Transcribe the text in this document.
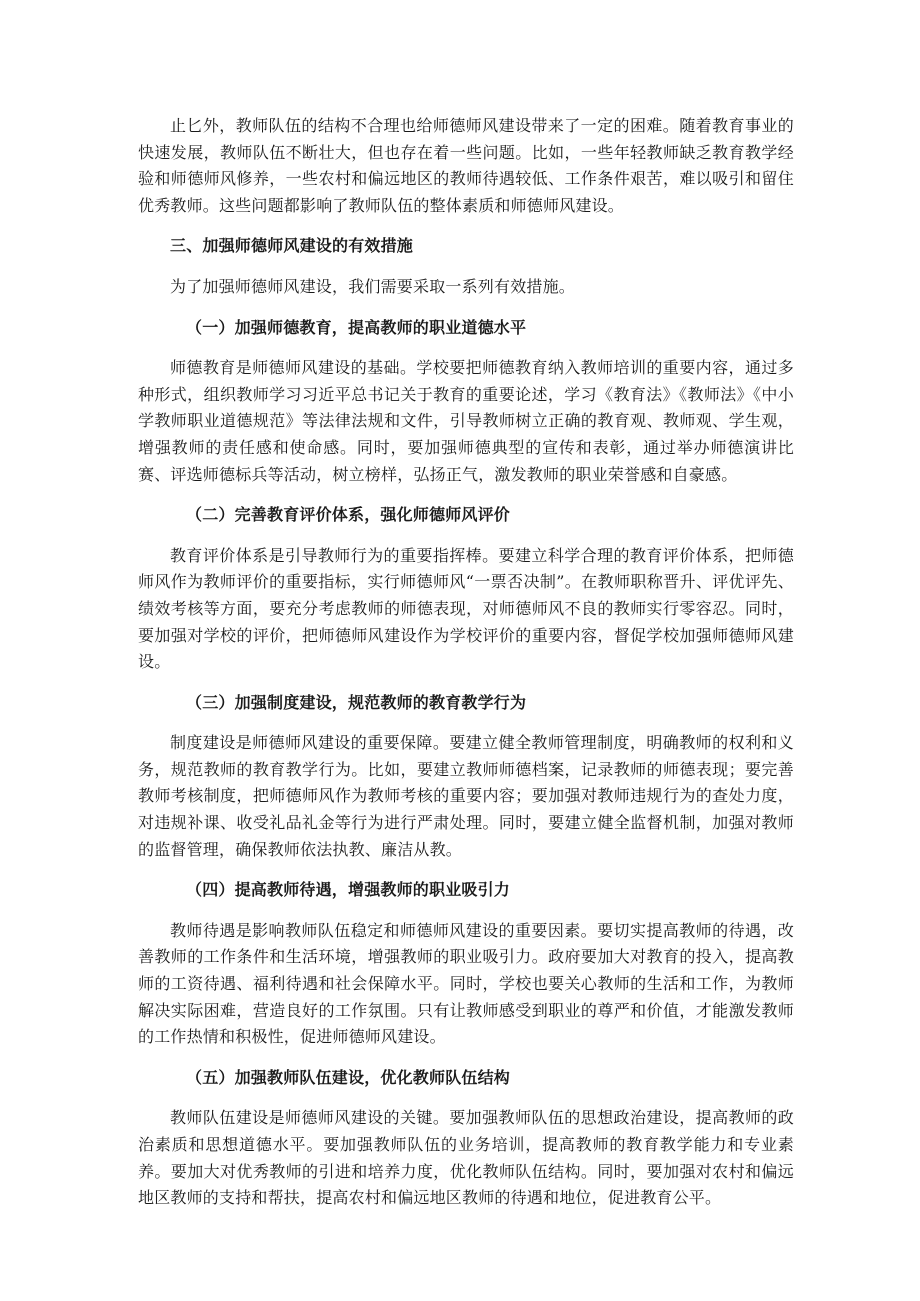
止匕外，教师队伍的结构不合理也给师德师风建设带来了一定的困难。随着教育事业的快速发展，教师队伍不断壮大，但也存在着一些问题。比如，一些年轻教师缺乏教育教学经验和师德师风修养，一些农村和偏远地区的教师待遇较低、工作条件艰苦，难以吸引和留住优秀教师。这些问题都影响了教师队伍的整体素质和师德师风建设。

三、加强师德师风建设的有效措施

为了加强师德师风建设，我们需要采取一系列有效措施。

（一）加强师德教育，提高教师的职业道德水平

师德教育是师德师风建设的基础。学校要把师德教育纳入教师培训的重要内容，通过多种形式，组织教师学习习近平总书记关于教育的重要论述，学习《教育法》《教师法》《中小学教师职业道德规范》等法律法规和文件，引导教师树立正确的教育观、教师观、学生观，增强教师的责任感和使命感。同时，要加强师德典型的宣传和表彰，通过举办师德演讲比赛、评选师德标兵等活动，树立榜样，弘扬正气，激发教师的职业荣誉感和自豪感。

（二）完善教育评价体系，强化师德师风评价

教育评价体系是引导教师行为的重要指挥棒。要建立科学合理的教育评价体系，把师德师风作为教师评价的重要指标，实行师德师风“一票否决制”。在教师职称晋升、评优评先、绩效考核等方面，要充分考虑教师的师德表现，对师德师风不良的教师实行零容忍。同时，要加强对学校的评价，把师德师风建设作为学校评价的重要内容，督促学校加强师德师风建设。

（三）加强制度建设，规范教师的教育教学行为

制度建设是师德师风建设的重要保障。要建立健全教师管理制度，明确教师的权利和义务，规范教师的教育教学行为。比如，要建立教师师德档案，记录教师的师德表现；要完善教师考核制度，把师德师风作为教师考核的重要内容；要加强对教师违规行为的查处力度，对违规补课、收受礼品礼金等行为进行严肃处理。同时，要建立健全监督机制，加强对教师的监督管理，确保教师依法执教、廉洁从教。

（四）提高教师待遇，增强教师的职业吸引力

教师待遇是影响教师队伍稳定和师德师风建设的重要因素。要切实提高教师的待遇，改善教师的工作条件和生活环境，增强教师的职业吸引力。政府要加大对教育的投入，提高教师的工资待遇、福利待遇和社会保障水平。同时，学校也要关心教师的生活和工作，为教师解决实际困难，营造良好的工作氛围。只有让教师感受到职业的尊严和价值，才能激发教师的工作热情和积极性，促进师德师风建设。

（五）加强教师队伍建设，优化教师队伍结构

教师队伍建设是师德师风建设的关键。要加强教师队伍的思想政治建设，提高教师的政治素质和思想道德水平。要加强教师队伍的业务培训，提高教师的教育教学能力和专业素养。要加大对优秀教师的引进和培养力度，优化教师队伍结构。同时，要加强对农村和偏远地区教师的支持和帮扶，提高农村和偏远地区教师的待遇和地位，促进教育公平。
